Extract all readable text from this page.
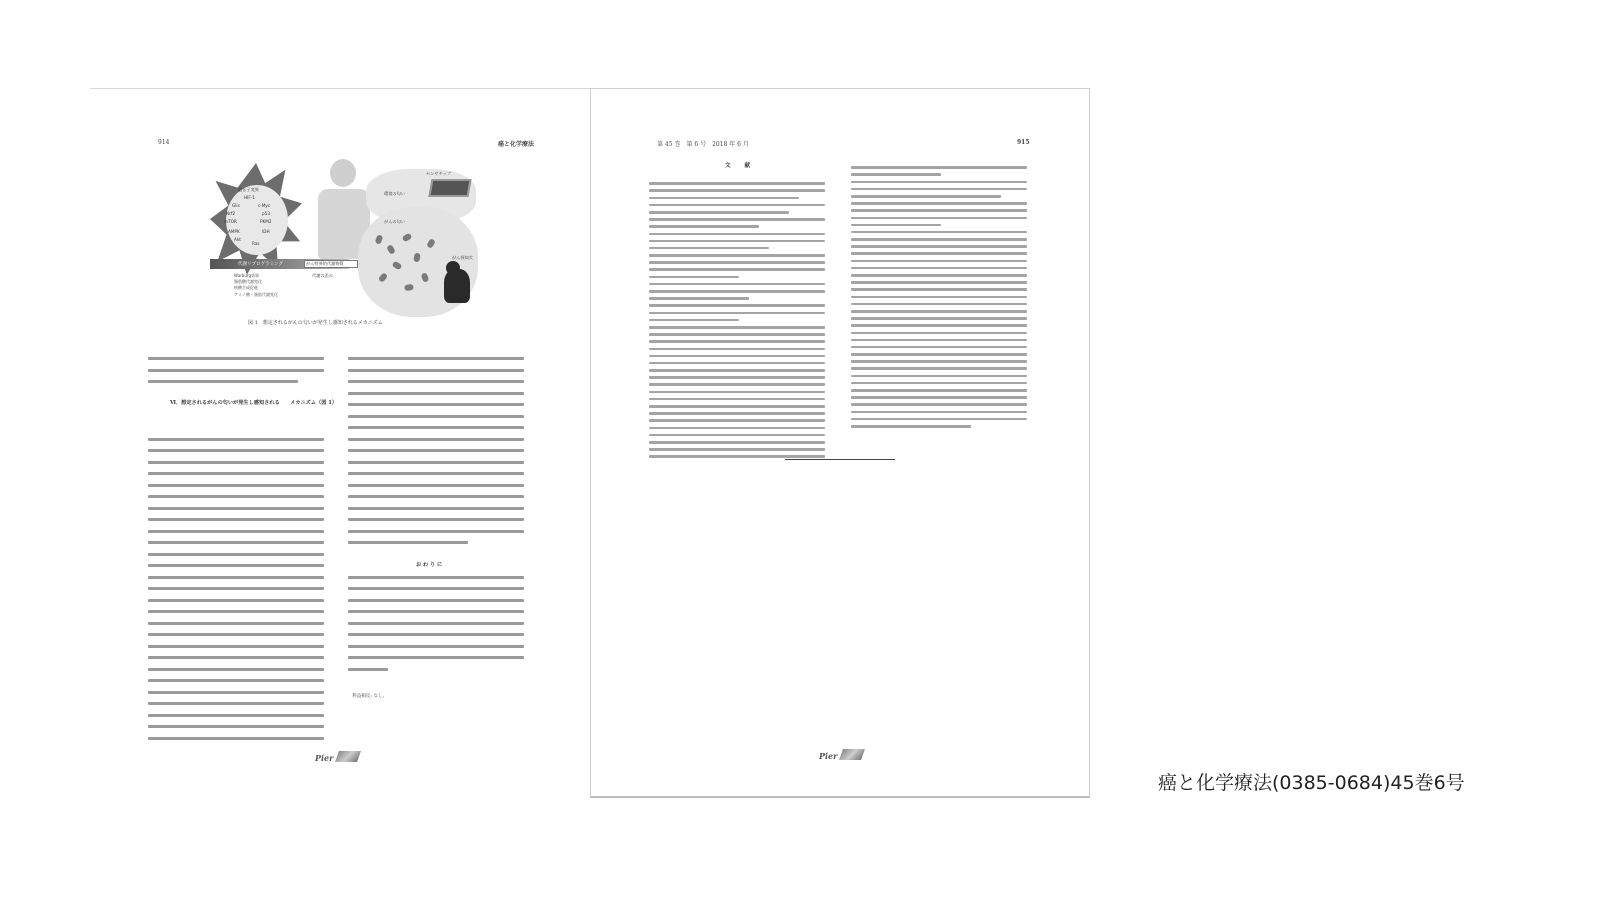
914	癌と化学療法
遺伝子変異
HIF-1
Glis	c-Myc
Nrf2	p53
mTOR	PKM2
AMPK	IDH
Akt
Ras
センサチップ
環境の匂い
がんの匂い
がん探知犬
代謝リプログラミング	がん特異的代謝物質
代謝の歪み
Warburg効果
脂肪酸代謝変化
核酸合成促進
アミノ酸・脂肪代謝変化
図 1　想定されるがんの匂いが発生し感知されるメカニズム
Ⅵ．想定されるがんの匂いが発生し感知される　　メカニズム（図 1）
お わ り に
利益相反: なし。
Pier
第 45 巻　第 6 号　2018 年 6 月	915
文 献
Pier
癌と化学療法(0385-0684)45巻6号
